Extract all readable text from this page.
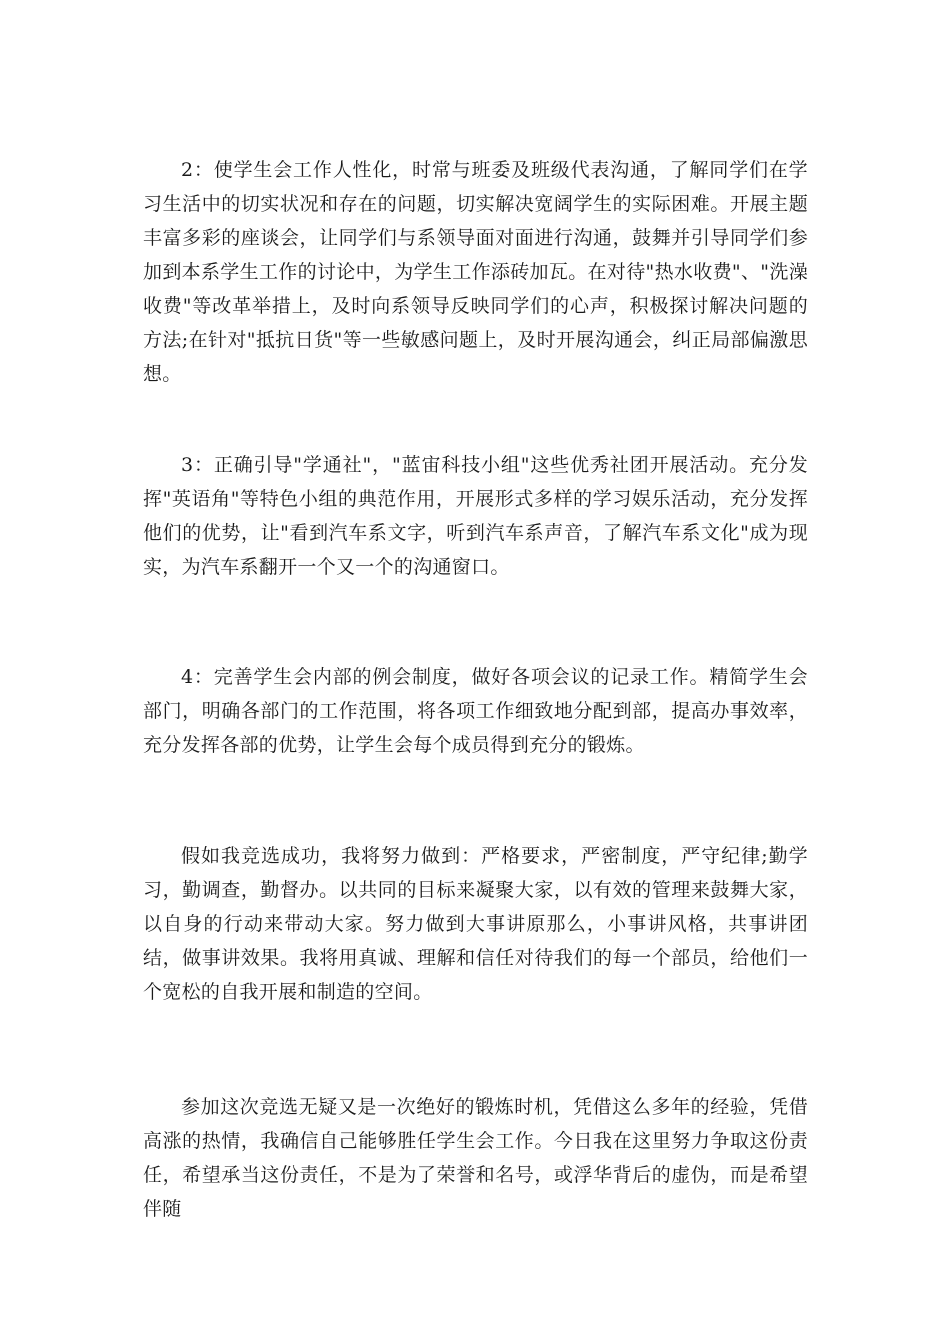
2：使学生会工作人性化，时常与班委及班级代表沟通，了解同学们在学习生活中的切实状况和存在的问题，切实解决宽阔学生的实际困难。开展主题丰富多彩的座谈会，让同学们与系领导面对面进行沟通，鼓舞并引导同学们参加到本系学生工作的讨论中，为学生工作添砖加瓦。在对待"热水收费"、"洗澡收费"等改革举措上，及时向系领导反映同学们的心声，积极探讨解决问题的方法;在针对"抵抗日货"等一些敏感问题上，及时开展沟通会，纠正局部偏激思想。

3：正确引导"学通社"，"蓝宙科技小组"这些优秀社团开展活动。充分发挥"英语角"等特色小组的典范作用，开展形式多样的学习娱乐活动，充分发挥他们的优势，让"看到汽车系文字，听到汽车系声音，了解汽车系文化"成为现实，为汽车系翻开一个又一个的沟通窗口。

4：完善学生会内部的例会制度，做好各项会议的记录工作。精简学生会部门，明确各部门的工作范围，将各项工作细致地分配到部，提高办事效率，充分发挥各部的优势，让学生会每个成员得到充分的锻炼。

假如我竞选成功，我将努力做到：严格要求，严密制度，严守纪律;勤学习，勤调查，勤督办。以共同的目标来凝聚大家，以有效的管理来鼓舞大家，以自身的行动来带动大家。努力做到大事讲原那么，小事讲风格，共事讲团结，做事讲效果。我将用真诚、理解和信任对待我们的每一个部员，给他们一个宽松的自我开展和制造的空间。

参加这次竞选无疑又是一次绝好的锻炼时机，凭借这么多年的经验，凭借高涨的热情，我确信自己能够胜任学生会工作。今日我在这里努力争取这份责任，希望承当这份责任，不是为了荣誉和名号，或浮华背后的虚伪，而是希望伴随
